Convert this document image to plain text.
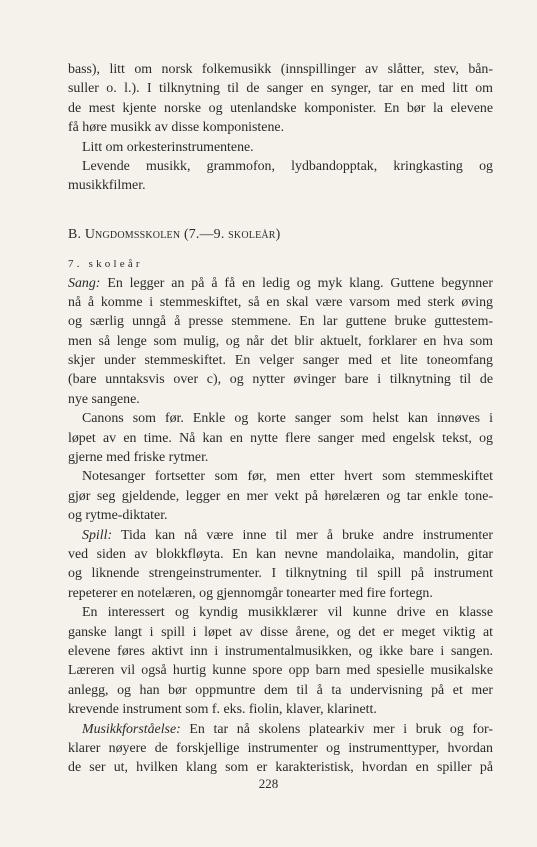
bass), litt om norsk folkemusikk (innspillinger av slåtter, stev, bån-
suller o. l.). I tilknytning til de sanger en synger, tar en med litt om
de mest kjente norske og utenlandske komponister. En bør la elevene
få høre musikk av disse komponistene.
Litt om orkesterinstrumentene.
Levende musikk, grammofon, lydbandopptak, kringkasting og
musikkfilmer.
B. Ungdomsskolen (7.—9. skoleår)
7. skoleår
Sang: En legger an på å få en ledig og myk klang. Guttene begynner
nå å komme i stemmeskiftet, så en skal være varsom med sterk øving
og særlig unngå å presse stemmene. En lar guttene bruke guttestem-
men så lenge som mulig, og når det blir aktuelt, forklarer en hva som
skjer under stemmeskiftet. En velger sanger med et lite toneomfang
(bare unntaksvis over c), og nytter øvinger bare i tilknytning til de
nye sangene.
Canons som før. Enkle og korte sanger som helst kan innøves i
løpet av en time. Nå kan en nytte flere sanger med engelsk tekst, og
gjerne med friske rytmer.
Notesanger fortsetter som før, men etter hvert som stemmeskiftet
gjør seg gjeldende, legger en mer vekt på hørelæren og tar enkle tone-
og rytme-diktater.
Spill: Tida kan nå være inne til mer å bruke andre instrumenter
ved siden av blokkfløyta. En kan nevne mandolaika, mandolin, gitar
og liknende strengeinstrumenter. I tilknytning til spill på instrument
repeterer en notelæren, og gjennomgår tonearter med fire fortegn.
En interessert og kyndig musikklærer vil kunne drive en klasse
ganske langt i spill i løpet av disse årene, og det er meget viktig at
elevene føres aktivt inn i instrumentalmusikken, og ikke bare i sangen.
Læreren vil også hurtig kunne spore opp barn med spesielle musikalske
anlegg, og han bør oppmuntre dem til å ta undervisning på et mer
krevende instrument som f. eks. fiolin, klaver, klarinett.
Musikkforståelse: En tar nå skolens platearkiv mer i bruk og for-
klarer nøyere de forskjellige instrumenter og instrumenttyper, hvordan
de ser ut, hvilken klang som er karakteristisk, hvordan en spiller på
228
